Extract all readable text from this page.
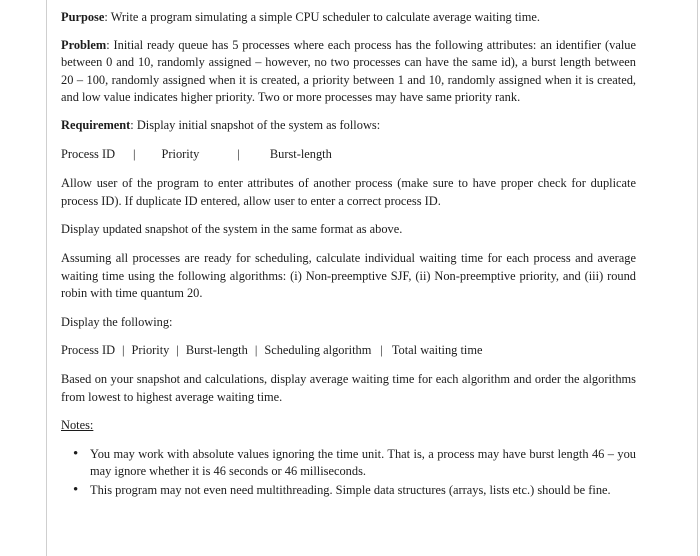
Purpose: Write a program simulating a simple CPU scheduler to calculate average waiting time.

Problem: Initial ready queue has 5 processes where each process has the following attributes: an identifier (value between 0 and 10, randomly assigned – however, no two processes can have the same id), a burst length between 20 – 100, randomly assigned when it is created, a priority between 1 and 10, randomly assigned when it is created, and low value indicates higher priority. Two or more processes may have same priority rank.

Requirement: Display initial snapshot of the system as follows:

Process ID	|	Priority	|	Burst-length

Allow user of the program to enter attributes of another process (make sure to have proper check for duplicate process ID). If duplicate ID entered, allow user to enter a correct process ID.

Display updated snapshot of the system in the same format as above.

Assuming all processes are ready for scheduling, calculate individual waiting time for each process and average waiting time using the following algorithms: (i) Non-preemptive SJF, (ii) Non-preemptive priority, and (iii) round robin with time quantum 20.

Display the following:

Process ID | Priority | Burst-length | Scheduling algorithm | Total waiting time

Based on your snapshot and calculations, display average waiting time for each algorithm and order the algorithms from lowest to highest average waiting time.

Notes:

• You may work with absolute values ignoring the time unit. That is, a process may have burst length 46 – you may ignore whether it is 46 seconds or 46 milliseconds.
• This program may not even need multithreading. Simple data structures (arrays, lists etc.) should be fine.
